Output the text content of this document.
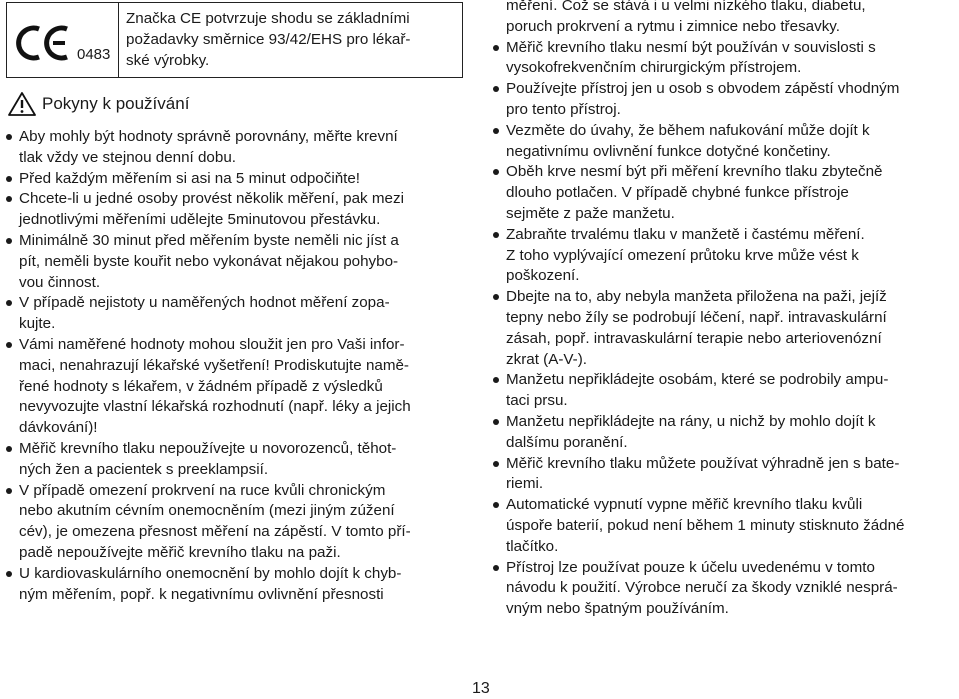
0483
Značka CE potvrzuje shodu se základními
požadavky směrnice 93/42/EHS pro lékař-
ské výrobky.
Pokyny k používání
Aby mohly být hodnoty správně porovnány, měřte krevní
tlak vždy ve stejnou denní dobu.
Před každým měřením si asi na 5 minut odpočiňte!
Chcete-li u jedné osoby provést několik měření, pak mezi
jednotlivými měřeními udělejte 5minutovou přestávku.
Minimálně 30 minut před měřením byste neměli nic jíst a
pít, neměli byste kouřit nebo vykonávat nějakou pohybo-
vou činnost.
V případě nejistoty u naměřených hodnot měření zopa-
kujte.
Vámi naměřené hodnoty mohou sloužit jen pro Vaši infor-
maci, nenahrazují lékařské vyšetření! Prodiskutujte namě-
řené hodnoty s lékařem, v žádném případě z výsledků
nevyvozujte vlastní lékařská rozhodnutí (např. léky a jejich
dávkování)!
Měřič krevního tlaku nepoužívejte u novorozenců, těhot-
ných žen a pacientek s preeklampsií.
V případě omezení prokrvení na ruce kvůli chronickým
nebo akutním cévním onemocněním (mezi jiným zúžení
cév), je omezena přesnost měření na zápěstí. V tomto pří-
padě nepoužívejte měřič krevního tlaku na paži.
U kardiovaskulárního onemocnění by mohlo dojít k chyb-
ným měřením, popř. k negativnímu ovlivnění přesnosti
měření. Což se stává i u velmi nízkého tlaku, diabetu,
poruch prokrvení a rytmu i zimnice nebo třesavky.
Měřič krevního tlaku nesmí být používán v souvislosti s
vysokofrekvenčním chirurgickým přístrojem.
Používejte přístroj jen u osob s obvodem zápěstí vhodným
pro tento přístroj.
Vezměte do úvahy, že během nafukování může dojít k
negativnímu ovlivnění funkce dotyčné končetiny.
Oběh krve nesmí být při měření krevního tlaku zbytečně
dlouho potlačen. V případě chybné funkce přístroje
sejměte z paže manžetu.
Zabraňte trvalému tlaku v manžetě i častému měření.
Z toho vyplývající omezení průtoku krve může vést k
poškození.
Dbejte na to, aby nebyla manžeta přiložena na paži, jejíž
tepny nebo žíly se podrobují léčení, např. intravaskulární
zásah, popř. intravaskulární terapie nebo arteriovenózní
zkrat (A-V-).
Manžetu nepřikládejte osobám, které se podrobily ampu-
taci prsu.
Manžetu nepřikládejte na rány, u nichž by mohlo dojít k
dalšímu poranění.
Měřič krevního tlaku můžete používat výhradně jen s bate-
riemi.
Automatické vypnutí vypne měřič krevního tlaku kvůli
úspoře baterií, pokud není během 1 minuty stisknuto žádné
tlačítko.
Přístroj lze používat pouze k účelu uvedenému v tomto
návodu k použití. Výrobce neručí za škody vzniklé nesprá-
vným nebo špatným používáním.
13
